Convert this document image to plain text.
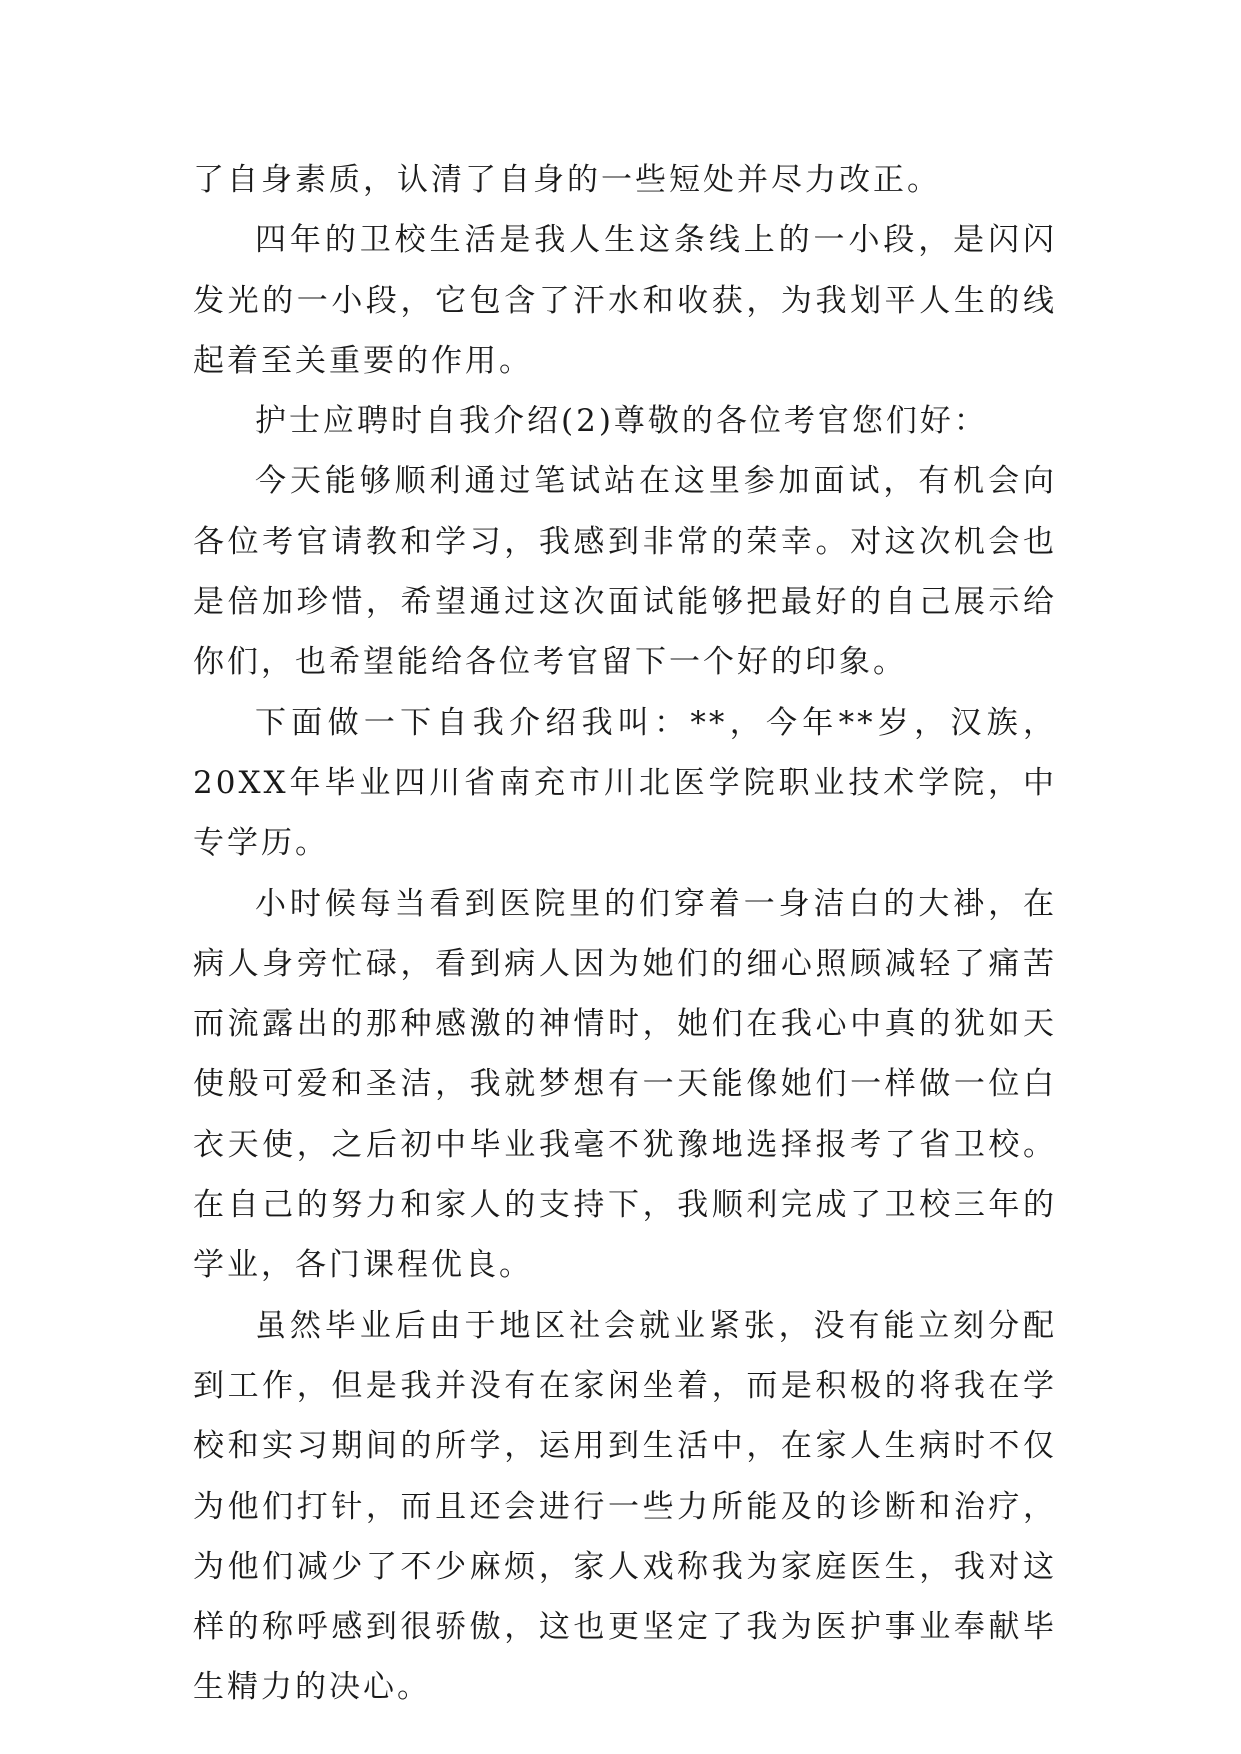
了自身素质，认清了自身的一些短处并尽力改正。

四年的卫校生活是我人生这条线上的一小段，是闪闪发光的一小段，它包含了汗水和收获，为我划平人生的线起着至关重要的作用。

护士应聘时自我介绍(2)尊敬的各位考官您们好：

今天能够顺利通过笔试站在这里参加面试，有机会向各位考官请教和学习，我感到非常的荣幸。对这次机会也是倍加珍惜，希望通过这次面试能够把最好的自己展示给你们，也希望能给各位考官留下一个好的印象。

下面做一下自我介绍我叫：**，今年**岁，汉族，20XX年毕业四川省南充市川北医学院职业技术学院，中专学历。

小时候每当看到医院里的们穿着一身洁白的大褂，在病人身旁忙碌，看到病人因为她们的细心照顾减轻了痛苦而流露出的那种感激的神情时，她们在我心中真的犹如天使般可爱和圣洁，我就梦想有一天能像她们一样做一位白衣天使，之后初中毕业我毫不犹豫地选择报考了省卫校。在自己的努力和家人的支持下，我顺利完成了卫校三年的学业，各门课程优良。

虽然毕业后由于地区社会就业紧张，没有能立刻分配到工作，但是我并没有在家闲坐着，而是积极的将我在学校和实习期间的所学，运用到生活中，在家人生病时不仅为他们打针，而且还会进行一些力所能及的诊断和治疗，为他们减少了不少麻烦，家人戏称我为家庭医生，我对这样的称呼感到很骄傲，这也更坚定了我为医护事业奉献毕生精力的决心。
